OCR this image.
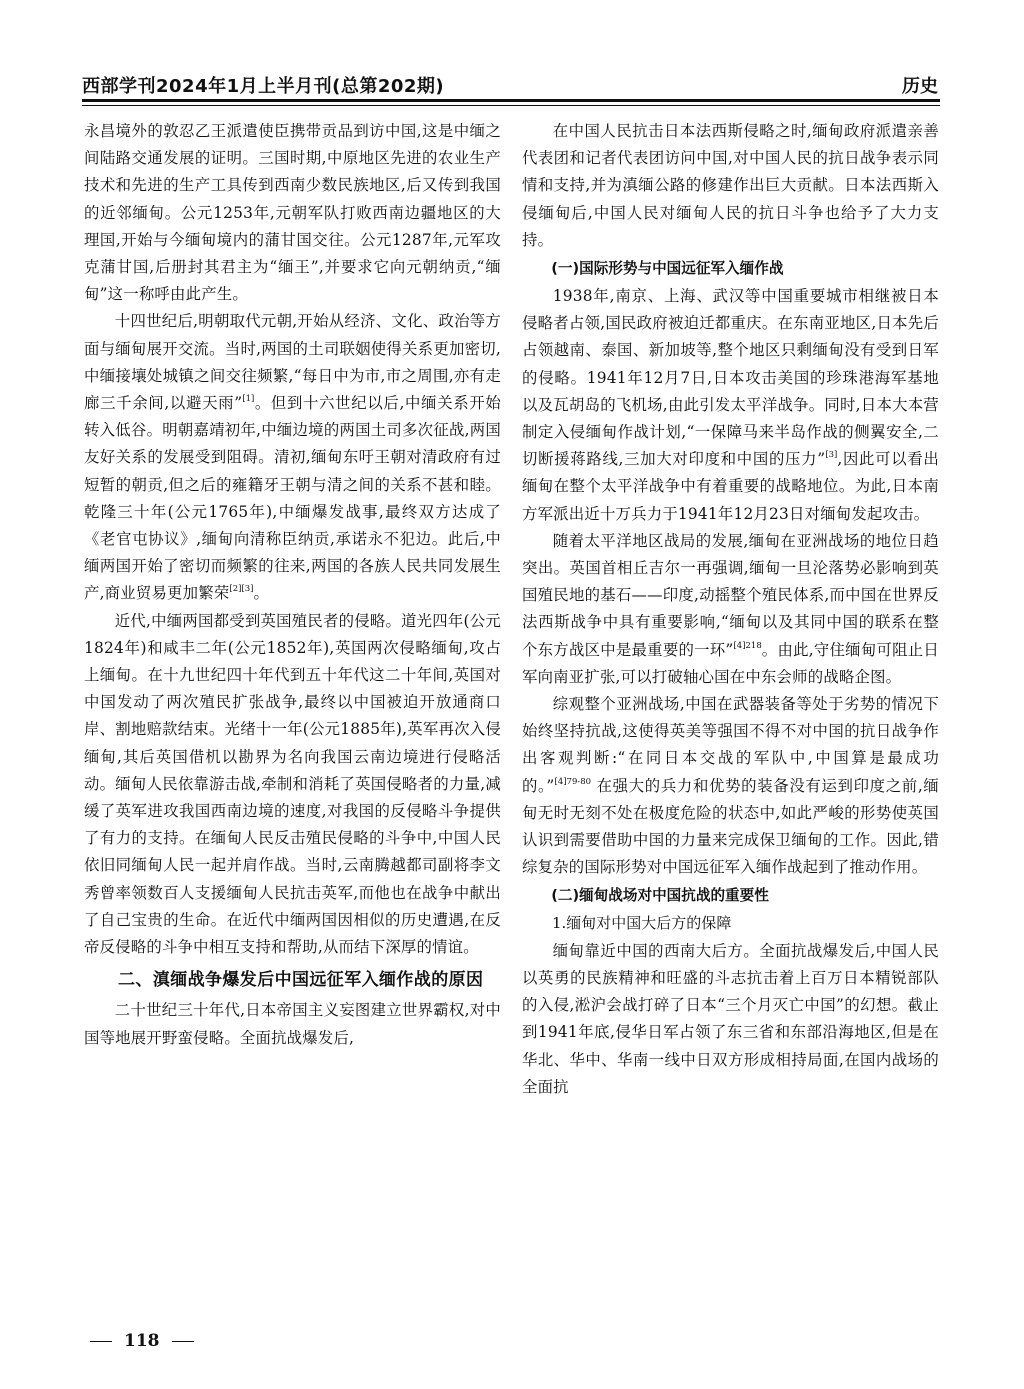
西部学刊2024年1月上半月刊(总第202期)	历史

永昌境外的敦忍乙王派遣使臣携带贡品到访中国,这是中缅之间陆路交通发展的证明。三国时期,中原地区先进的农业生产技术和先进的生产工具传到西南少数民族地区,后又传到我国的近邻缅甸。公元1253年,元朝军队打败西南边疆地区的大理国,开始与今缅甸境内的蒲甘国交往。公元1287年,元军攻克蒲甘国,后册封其君主为“缅王”,并要求它向元朝纳贡,“缅甸”这一称呼由此产生。

十四世纪后,明朝取代元朝,开始从经济、文化、政治等方面与缅甸展开交流。当时,两国的土司联姻使得关系更加密切,中缅接壤处城镇之间交往频繁,“每日中为市,市之周围,亦有走廊三千余间,以避天雨”[1]。但到十六世纪以后,中缅关系开始转入低谷。明朝嘉靖初年,中缅边境的两国土司多次征战,两国友好关系的发展受到阻碍。清初,缅甸东吁王朝对清政府有过短暂的朝贡,但之后的雍籍牙王朝与清之间的关系不甚和睦。乾隆三十年(公元1765年),中缅爆发战事,最终双方达成了《老官屯协议》,缅甸向清称臣纳贡,承诺永不犯边。此后,中缅两国开始了密切而频繁的往来,两国的各族人民共同发展生产,商业贸易更加繁荣[2][3]。

近代,中缅两国都受到英国殖民者的侵略。道光四年(公元1824年)和咸丰二年(公元1852年),英国两次侵略缅甸,攻占上缅甸。在十九世纪四十年代到五十年代这二十年间,英国对中国发动了两次殖民扩张战争,最终以中国被迫开放通商口岸、割地赔款结束。光绪十一年(公元1885年),英军再次入侵缅甸,其后英国借机以勘界为名向我国云南边境进行侵略活动。缅甸人民依靠游击战,牵制和消耗了英国侵略者的力量,减缓了英军进攻我国西南边境的速度,对我国的反侵略斗争提供了有力的支持。在缅甸人民反击殖民侵略的斗争中,中国人民依旧同缅甸人民一起并肩作战。当时,云南腾越都司副将李文秀曾率领数百人支援缅甸人民抗击英军,而他也在战争中献出了自己宝贵的生命。在近代中缅两国因相似的历史遭遇,在反帝反侵略的斗争中相互支持和帮助,从而结下深厚的情谊。

二、滇缅战争爆发后中国远征军入缅作战的原因

二十世纪三十年代,日本帝国主义妄图建立世界霸权,对中国等地展开野蛮侵略。全面抗战爆发后,

在中国人民抗击日本法西斯侵略之时,缅甸政府派遣亲善代表团和记者代表团访问中国,对中国人民的抗日战争表示同情和支持,并为滇缅公路的修建作出巨大贡献。日本法西斯入侵缅甸后,中国人民对缅甸人民的抗日斗争也给予了大力支持。

(一)国际形势与中国远征军入缅作战

1938年,南京、上海、武汉等中国重要城市相继被日本侵略者占领,国民政府被迫迁都重庆。在东南亚地区,日本先后占领越南、泰国、新加坡等,整个地区只剩缅甸没有受到日军的侵略。1941年12月7日,日本攻击美国的珍珠港海军基地以及瓦胡岛的飞机场,由此引发太平洋战争。同时,日本大本营制定入侵缅甸作战计划,“一保障马来半岛作战的侧翼安全,二切断援蒋路线,三加大对印度和中国的压力”[3],因此可以看出缅甸在整个太平洋战争中有着重要的战略地位。为此,日本南方军派出近十万兵力于1941年12月23日对缅甸发起攻击。

随着太平洋地区战局的发展,缅甸在亚洲战场的地位日趋突出。英国首相丘吉尔一再强调,缅甸一旦沦落势必影响到英国殖民地的基石——印度,动摇整个殖民体系,而中国在世界反法西斯战争中具有重要影响,“缅甸以及其同中国的联系在整个东方战区中是最重要的一环”$^{[4]218}$。由此,守住缅甸可阻止日军向南亚扩张,可以打破轴心国在中东会师的战略企图。

综观整个亚洲战场,中国在武器装备等处于劣势的情况下始终坚持抗战,这使得英美等强国不得不对中国的抗日战争作出客观判断:“在同日本交战的军队中,中国算是最成功的。”$^{[4]79-80}$ 在强大的兵力和优势的装备没有运到印度之前,缅甸无时无刻不处在极度危险的状态中,如此严峻的形势使英国认识到需要借助中国的力量来完成保卫缅甸的工作。因此,错综复杂的国际形势对中国远征军入缅作战起到了推动作用。

(二)缅甸战场对中国抗战的重要性
1.缅甸对中国大后方的保障

缅甸靠近中国的西南大后方。全面抗战爆发后,中国人民以英勇的民族精神和旺盛的斗志抗击着上百万日本精锐部队的入侵,淞沪会战打碎了日本“三个月灭亡中国”的幻想。截止到1941年底,侵华日军占领了东三省和东部沿海地区,但是在华北、华中、华南一线中日双方形成相持局面,在国内战场的全面抗

118
